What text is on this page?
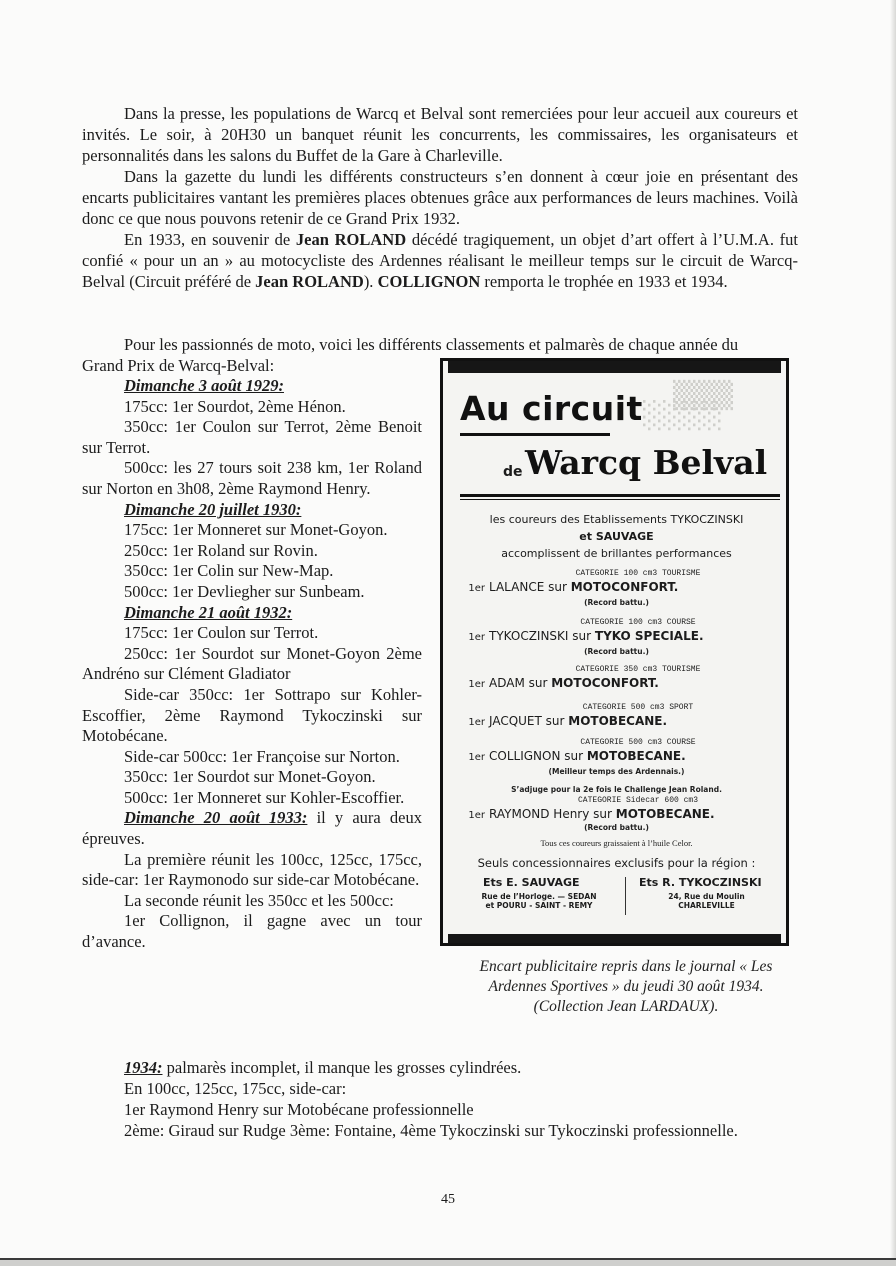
Dans la presse, les populations de Warcq et Belval sont remerciées pour leur accueil aux coureurs et invités. Le soir, à 20H30 un banquet réunit les concurrents, les commissaires, les organisateurs et personnalités dans les salons du Buffet de la Gare à Charleville.

Dans la gazette du lundi les différents constructeurs s’en donnent à cœur joie en présentant des encarts publicitaires vantant les premières places obtenues grâce aux performances de leurs machines. Voilà donc ce que nous pouvons retenir de ce Grand Prix 1932.

En 1933, en souvenir de Jean ROLAND décédé tragiquement, un objet d’art offert à l’U.M.A. fut confié « pour un an » au motocycliste des Ardennes réalisant le meilleur temps sur le circuit de Warcq-Belval (Circuit préféré de Jean ROLAND). COLLIGNON remporta le trophée en 1933 et 1934.

Pour les passionnés de moto, voici les différents classements et palmarès de chaque année du

Grand Prix de Warcq-Belval:

Dimanche 3 août 1929:

175cc: 1er Sourdot, 2ème Hénon.

350cc: 1er Coulon sur Terrot, 2ème Benoit sur Terrot.

500cc: les 27 tours soit 238 km, 1er Roland sur Norton en 3h08, 2ème Raymond Henry.

Dimanche 20 juillet 1930:

175cc: 1er Monneret sur Monet-Goyon.

250cc: 1er Roland sur Rovin.

350cc: 1er Colin sur New-Map.

500cc: 1er Devliegher sur Sunbeam.

Dimanche 21 août 1932:

175cc: 1er Coulon sur Terrot.

250cc: 1er Sourdot sur Monet-Goyon 2ème Andréno sur Clément Gladiator

Side-car 350cc: 1er Sottrapo sur Kohler-Escoffier, 2ème Raymond Tykoczinski sur Motobécane.

Side-car 500cc: 1er Françoise sur Norton.

350cc: 1er Sourdot sur Monet-Goyon.

500cc: 1er Monneret sur Kohler-Escoffier.

Dimanche 20 août 1933: il y aura deux épreuves.

La première réunit les 100cc, 125cc, 175cc, side-car: 1er Raymonodo sur side-car Motobécane.

La seconde réunit les 350cc et les 500cc:

1er Collignon, il gagne avec un tour d’avance.

1934: palmarès incomplet, il manque les grosses cylindrées.

En 100cc, 125cc, 175cc, side-car:

1er Raymond Henry sur Motobécane professionnelle

2ème: Giraud sur Rudge 3ème: Fontaine, 4ème Tykoczinski sur Tykoczinski professionnelle.

▒▒▒
░░░░
Au circuit
de Warcq Belval
les coureurs des Etablissements TYKOCZINSKI
et SAUVAGE
accomplissent de brillantes performances
CATEGORIE 100 cm3 TOURISME
1er LALANCE sur MOTOCONFORT.
(Record battu.)
CATEGORIE 100 cm3 COURSE
1er TYKOCZINSKI sur TYKO SPECIALE.
(Record battu.)
CATEGORIE 350 cm3 TOURISME
1er ADAM sur MOTOCONFORT.
CATEGORIE 500 cm3 SPORT
1er JACQUET sur MOTOBECANE.
CATEGORIE 500 cm3 COURSE
1er COLLIGNON sur MOTOBECANE.
(Meilleur temps des Ardennais.)
S’adjuge pour la 2e fois le Challenge Jean Roland.
CATEGORIE Sidecar 600 cm3
1er RAYMOND Henry sur MOTOBECANE.
(Record battu.)
Tous ces coureurs graissaient à l’huile Celor.
Seuls concessionnaires exclusifs pour la région :
Ets E. SAUVAGE
Rue de l’Horloge. — SEDAN
et POURU - SAINT - REMY
Ets R. TYKOCZINSKI
24, Rue du Moulin
CHARLEVILLE
Encart publicitaire repris dans le journal « Les
Ardennes Sportives » du jeudi 30 août 1934.
(Collection Jean LARDAUX).
45
